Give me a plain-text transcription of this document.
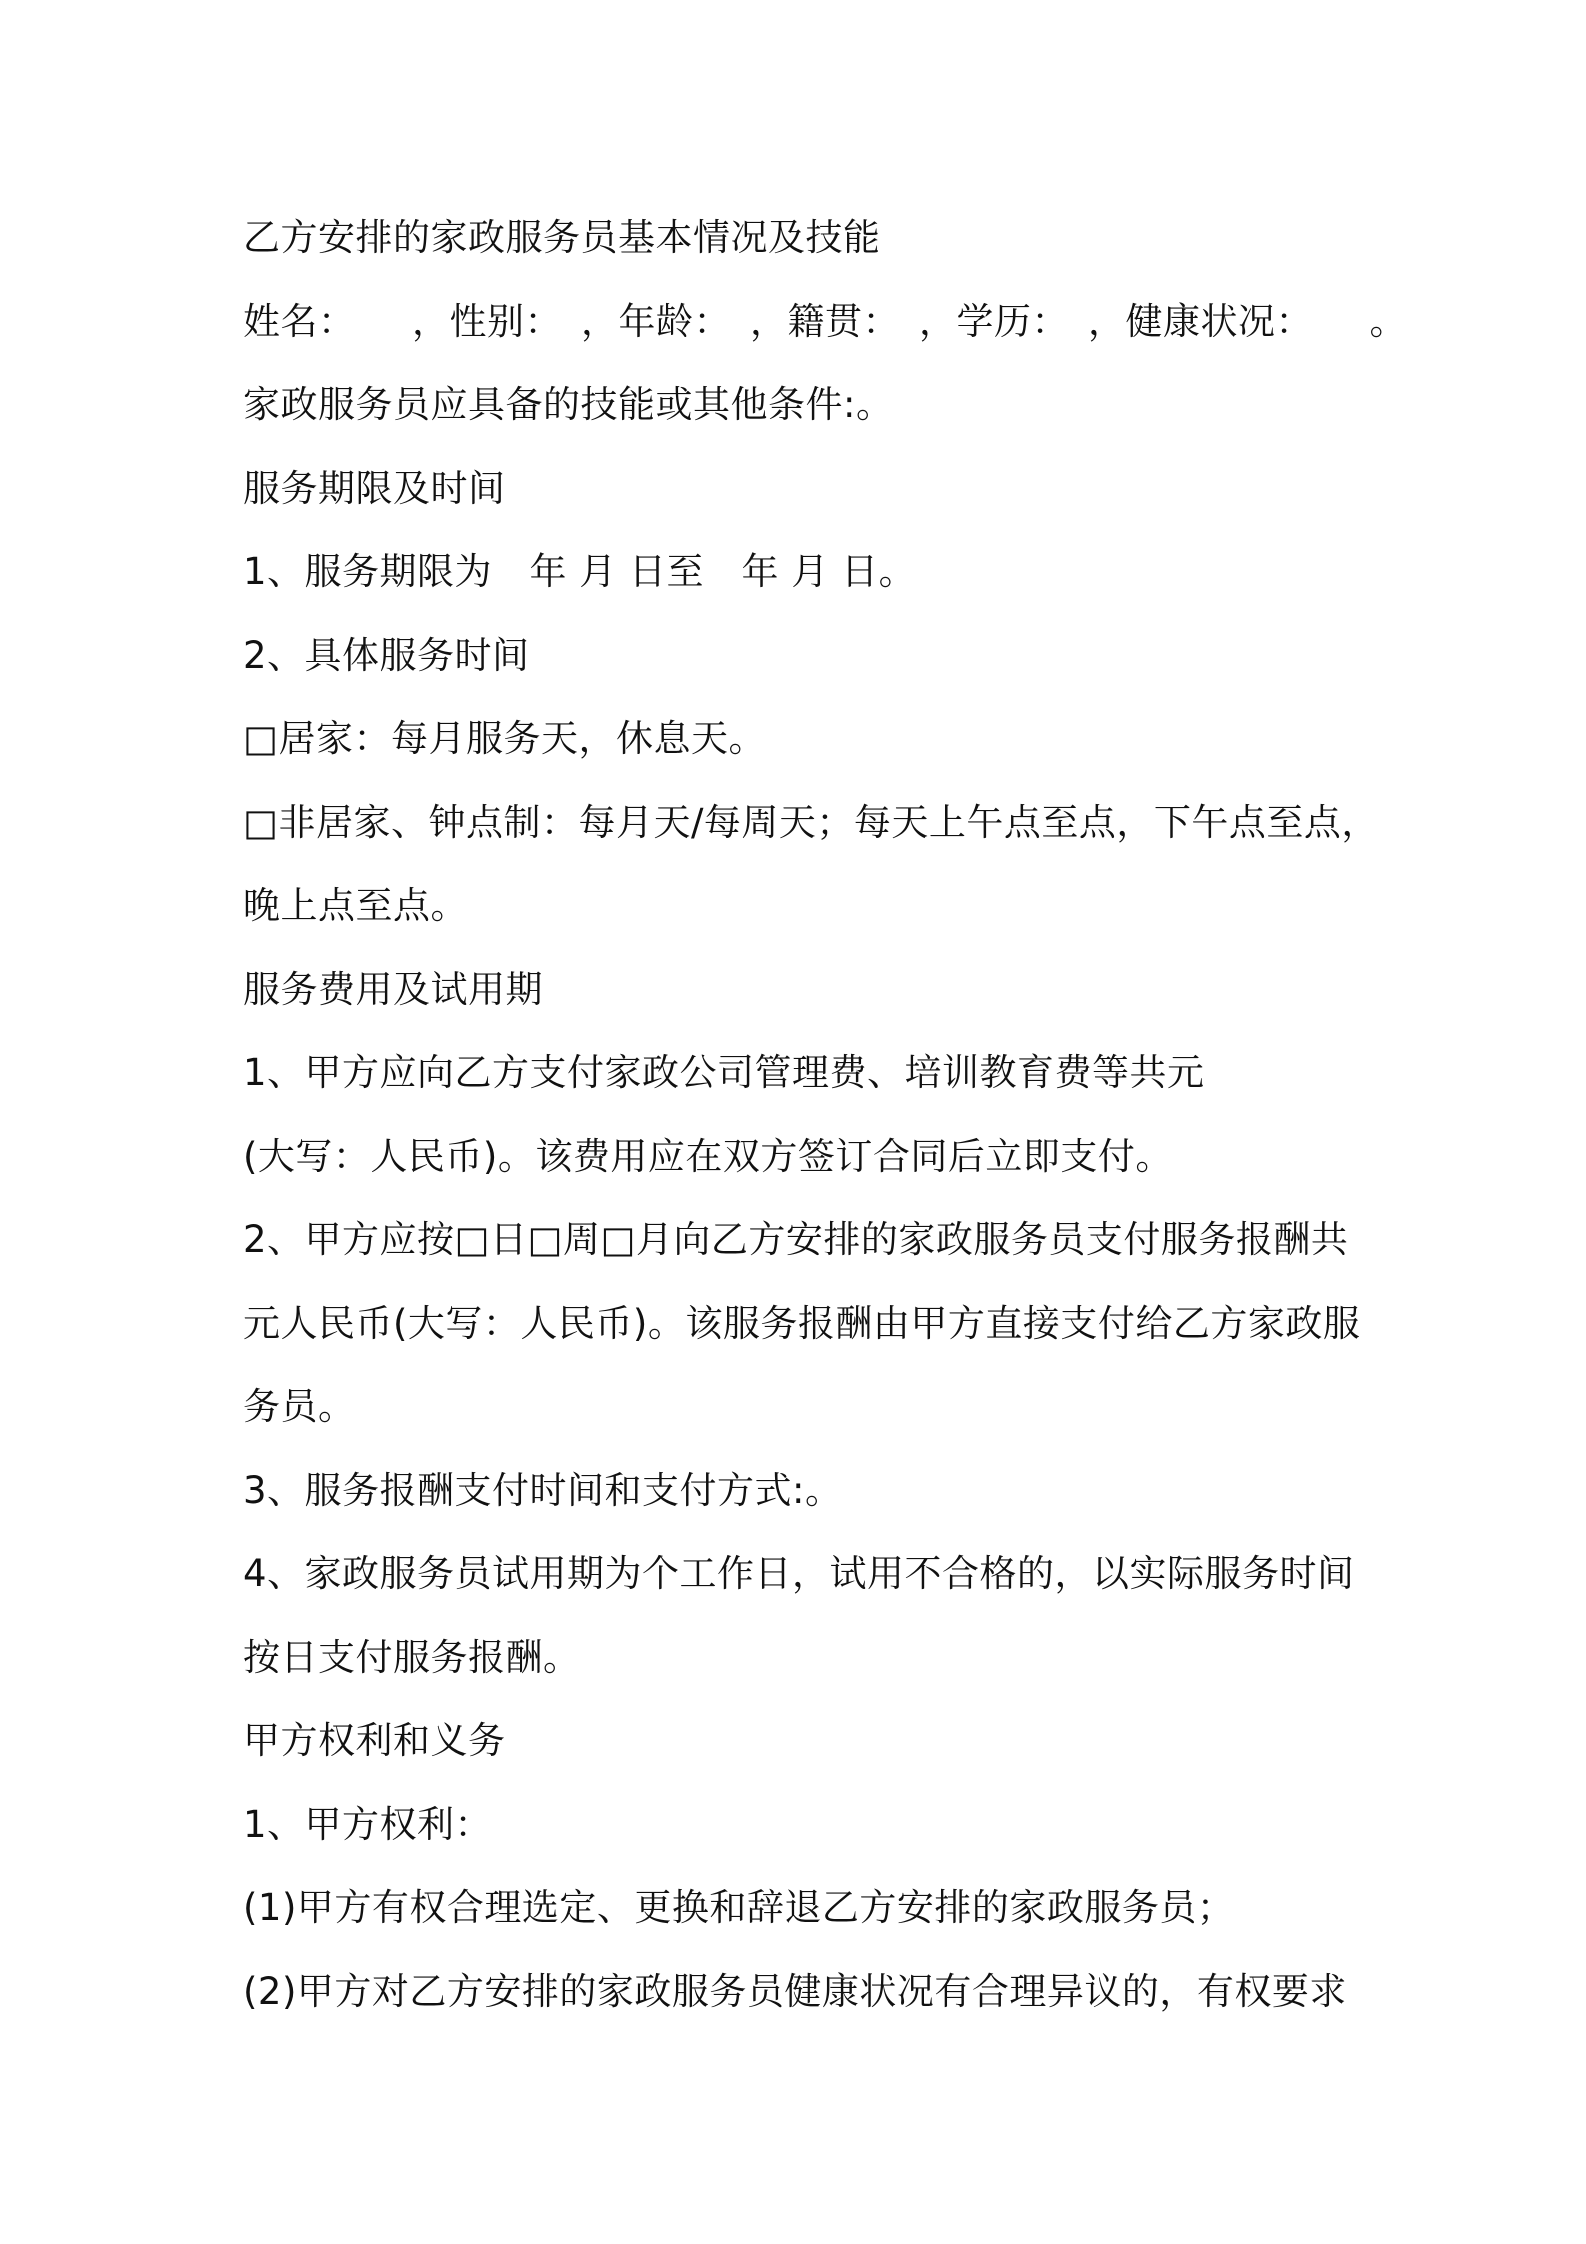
乙方安排的家政服务员基本情况及技能
姓名：　　，性别：　，年龄：　，籍贯：　，学历：　，健康状况：　　。
家政服务员应具备的技能或其他条件:。
服务期限及时间
1、服务期限为　年 月 日至　年 月 日。
2、具体服务时间
□居家：每月服务天，休息天。
□非居家、钟点制：每月天/每周天；每天上午点至点，下午点至点，
晚上点至点。
服务费用及试用期
1、甲方应向乙方支付家政公司管理费、培训教育费等共元
(大写：人民币)。该费用应在双方签订合同后立即支付。
2、甲方应按□日□周□月向乙方安排的家政服务员支付服务报酬共
元人民币(大写：人民币)。该服务报酬由甲方直接支付给乙方家政服
务员。
3、服务报酬支付时间和支付方式:。
4、家政服务员试用期为个工作日，试用不合格的，以实际服务时间
按日支付服务报酬。
甲方权利和义务
1、甲方权利：
(1)甲方有权合理选定、更换和辞退乙方安排的家政服务员；
(2)甲方对乙方安排的家政服务员健康状况有合理异议的，有权要求
